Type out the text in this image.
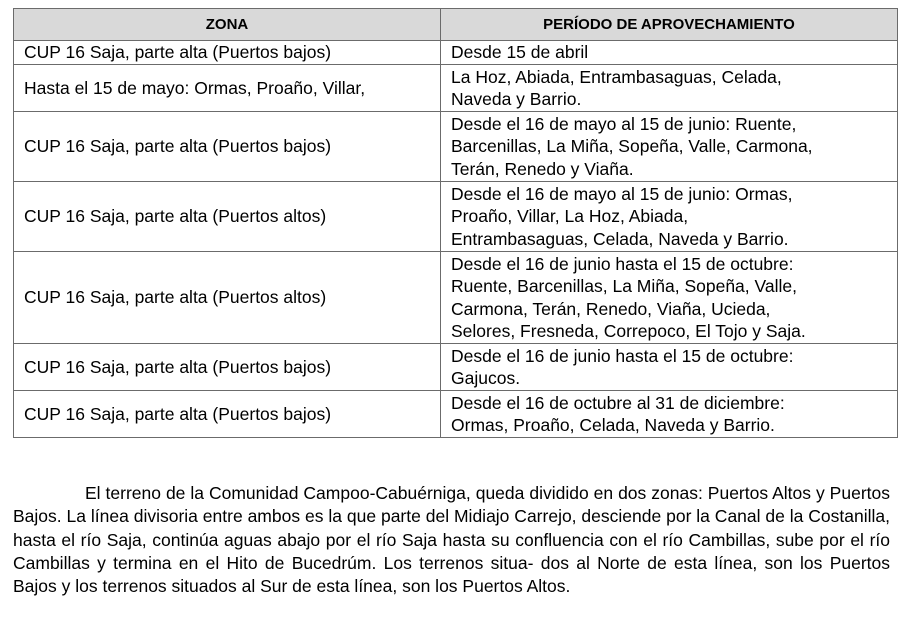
ZONA	PERÍODO DE APROVECHAMIENTO
CUP 16 Saja, parte alta (Puertos bajos)	Desde 15 de abril
Hasta el 15 de mayo: Ormas, Proaño, Villar,	La Hoz, Abiada, Entrambasaguas, Celada,
Naveda y Barrio.
CUP 16 Saja, parte alta (Puertos bajos)	Desde el 16 de mayo al 15 de junio: Ruente,
Barcenillas, La Miña, Sopeña, Valle, Carmona,
Terán, Renedo y Viaña.
CUP 16 Saja, parte alta (Puertos altos)	Desde el 16 de mayo al 15 de junio: Ormas,
Proaño, Villar, La Hoz, Abiada,
Entrambasaguas, Celada, Naveda y Barrio.
CUP 16 Saja, parte alta (Puertos altos)	Desde el 16 de junio hasta el 15 de octubre:
Ruente, Barcenillas, La Miña, Sopeña, Valle,
Carmona, Terán, Renedo, Viaña, Ucieda,
Selores, Fresneda, Correpoco, El Tojo y Saja.
CUP 16 Saja, parte alta (Puertos bajos)	Desde el 16 de junio hasta el 15 de octubre:
Gajucos.
CUP 16 Saja, parte alta (Puertos bajos)	Desde el 16 de octubre al 31 de diciembre:
Ormas, Proaño, Celada, Naveda y Barrio.

El terreno de la Comunidad Campoo-Cabuérniga, queda dividido en dos zonas: Puertos Altos y Puertos Bajos. La línea divisoria entre ambos es la que parte del Midiajo Carrejo, desciende por la Canal de la Costanilla, hasta el río Saja, continúa aguas abajo por el río Saja hasta su confluencia con el río Cambillas, sube por el río Cambillas y termina en el Hito de Bucedrúm. Los terrenos situa- dos al Norte de esta línea, son los Puertos Bajos y los terrenos situados al Sur de esta línea, son los Puertos Altos.
